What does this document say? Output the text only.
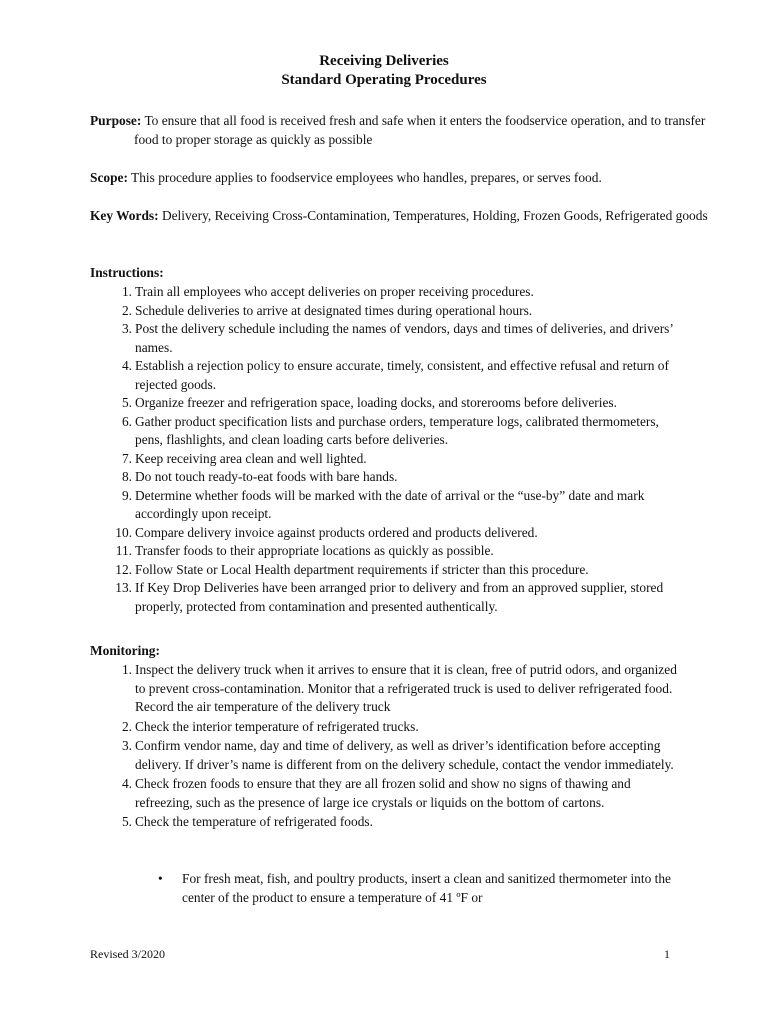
Receiving Deliveries
Standard Operating Procedures
Purpose: To ensure that all food is received fresh and safe when it enters the foodservice operation, and to transfer food to proper storage as quickly as possible
Scope: This procedure applies to foodservice employees who handles, prepares, or serves food.
Key Words: Delivery, Receiving Cross-Contamination, Temperatures, Holding, Frozen Goods, Refrigerated goods
Instructions:
1. Train all employees who accept deliveries on proper receiving procedures.
2. Schedule deliveries to arrive at designated times during operational hours.
3. Post the delivery schedule including the names of vendors, days and times of deliveries, and drivers’ names.
4. Establish a rejection policy to ensure accurate, timely, consistent, and effective refusal and return of rejected goods.
5. Organize freezer and refrigeration space, loading docks, and storerooms before deliveries.
6. Gather product specification lists and purchase orders, temperature logs, calibrated thermometers, pens, flashlights, and clean loading carts before deliveries.
7. Keep receiving area clean and well lighted.
8. Do not touch ready-to-eat foods with bare hands.
9. Determine whether foods will be marked with the date of arrival or the “use-by” date and mark accordingly upon receipt.
10. Compare delivery invoice against products ordered and products delivered.
11. Transfer foods to their appropriate locations as quickly as possible.
12. Follow State or Local Health department requirements if stricter than this procedure.
13. If Key Drop Deliveries have been arranged prior to delivery and from an approved supplier, stored properly, protected from contamination and presented authentically.
Monitoring:
1. Inspect the delivery truck when it arrives to ensure that it is clean, free of putrid odors, and organized to prevent cross-contamination. Monitor that a refrigerated truck is used to deliver refrigerated food. Record the air temperature of the delivery truck
2. Check the interior temperature of refrigerated trucks.
3. Confirm vendor name, day and time of delivery, as well as driver’s identification before accepting delivery. If driver’s name is different from on the delivery schedule, contact the vendor immediately.
4. Check frozen foods to ensure that they are all frozen solid and show no signs of thawing and refreezing, such as the presence of large ice crystals or liquids on the bottom of cartons.
5. Check the temperature of refrigerated foods.
• For fresh meat, fish, and poultry products, insert a clean and sanitized thermometer into the center of the product to ensure a temperature of 41 ºF or
Revised 3/2020	1
